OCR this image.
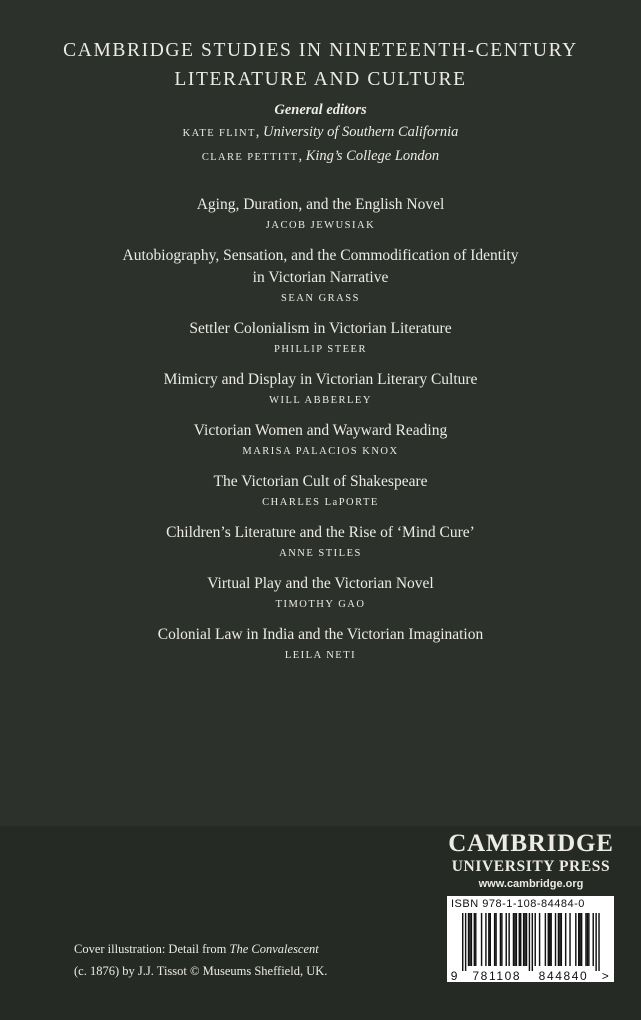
CAMBRIDGE STUDIES IN NINETEENTH-CENTURY
LITERATURE AND CULTURE
General editors
KATE FLINT, University of Southern California
CLARE PETTITT, King’s College London
Aging, Duration, and the English Novel
JACOB JEWUSIAK
Autobiography, Sensation, and the Commodification of Identity
in Victorian Narrative
SEAN GRASS
Settler Colonialism in Victorian Literature
PHILLIP STEER
Mimicry and Display in Victorian Literary Culture
WILL ABBERLEY
Victorian Women and Wayward Reading
MARISA PALACIOS KNOX
The Victorian Cult of Shakespeare
CHARLES LaPORTE
Children’s Literature and the Rise of ‘Mind Cure’
ANNE STILES
Virtual Play and the Victorian Novel
TIMOTHY GAO
Colonial Law in India and the Victorian Imagination
LEILA NETI
Cover illustration: Detail from The Convalescent
(c. 1876) by J.J. Tissot © Museums Sheffield, UK.
CAMBRIDGE
UNIVERSITY PRESS
www.cambridge.org
ISBN 978-1-108-84484-0
9 781108 844840 >
